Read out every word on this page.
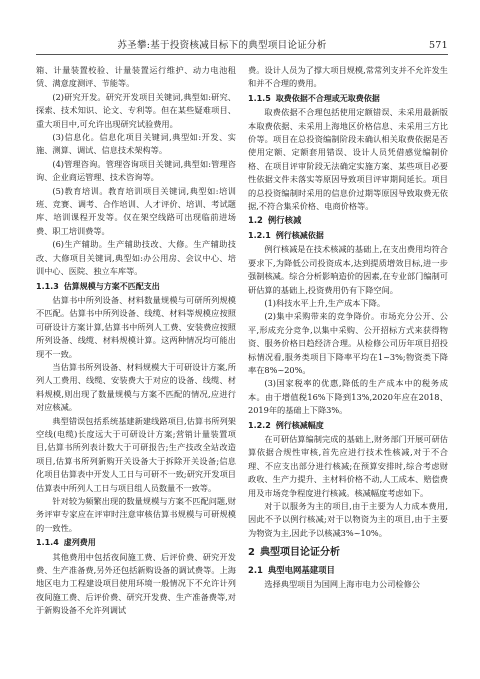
苏圣攀:基于投资核减目标下的典型项目论证分析	571

箱、计量装置校验、计量装置运行维护、动力电池租赁、满意度测评、节能等。

(2)研究开发。研究开发项目关键词,典型如:研究、探索、技术知识、论文、专利等。但在某些疑难项目、重大项目中,可允许出现研究试验费用。

(3)信息化。信息化项目关键词,典型如:开发、实施、测算、调试、信息技术架构等。

(4)管理咨询。管理咨询项目关键词,典型如:管理咨询、企业商运管理、技术咨询等。

(5)教育培训。教育培训项目关键词,典型如:培训班、竞赛、调考、合作培训、人才评价、培训、考试题库、培训课程开发等。仅在架空线路可出现临前进场费、职工培训费等。

(6)生产辅助。生产辅助技改、大修。生产辅助技改、大修项目关键词,典型如:办公用房、会议中心、培训中心、医院、独立车库等。

1.1.3 估算规模与方案不匹配支出

估算书中所列设备、材料数量规模与可研所列规模不匹配。估算书中所列设备、线缆、材料等规模应按照可研设计方案计算,估算书中所列人工费、安装费应按照所列设备、线缆、材料规模计算。这两种情况均可能出现不一致。

当估算书所列设备、材料规模大于可研设计方案,所列人工费用、线缆、安装费大于对应的设备、线缆、材料规模,则出现了数量规模与方案不匹配的情况,应进行对应核减。

典型错误包括系统基建新建线路项目,估算书所列架空线(电缆)长度远大于可研设计方案;营销计量装置项目,估算书所列表计数大于可研报告;生产技改全站改造项目,估算书所列新购开关设备大于拆除开关设备;信息化项目估算表中开发人工日与可研不一致;研究开发项目估算表中所列人工日与项目组人员数量不一致等。

针对较为频繁出现的数量规模与方案不匹配问题,财务评审专家应在评审时注意审核估算书规模与可研规模的一致性。

1.1.4 虚列费用

其他费用中包括夜间施工费、后评价费、研究开发费、生产准备费,另外还包括新购设备的调试费等。上海地区电力工程建设项目使用环境一般情况下不允许计列夜间施工费、后评价费、研究开发费、生产准备费等,对于新购设备不允许列调试

费。设计人员为了撑大项目规模,常常列支并不允许发生和并不合理的费用。

1.1.5 取费依据不合理或无取费依据

取费依据不合理包括使用定额错误、未采用最新版本取费依据、未采用上海地区价格信息、未采用三方比价等。项目在总投资编制阶段未确认相关取费依据是否使用定额、定额套用错误、设计人员凭借感觉编制价格、在项目评审阶段无法确定实施方案、某些项目必要性依据文件未落实等原因导致项目评审期间延长。项目的总投资编制时采用的信息价过期等原因导致取费无依据,不符合集采价格、电商价格等。

1.2 例行核减
1.2.1 例行核减依据

例行核减是在技术核减的基础上,在支出费用均符合要求下,为降低公司投资成本,达到提质增效目标,进一步强制核减。综合分析影响造价的因素,在专业部门编制可研估算的基础上,投资费用仍有下降空间。

(1)科技水平上升,生产成本下降。

(2)集中采购带来的竞争降价。市场充分公开、公平,形成充分竞争,以集中采购、公开招标方式来获得物资、服务价格日趋经济合理。从检修公司历年项目招投标情况看,服务类项目下降率平均在1~3%;物资类下降率在8%~20%。

(3)国家税率的优惠,降低的生产成本中的税务成本。由于增值税16%下降到13%,2020年应在2018、2019年的基础上下降3%。

1.2.2 例行核减幅度

在可研估算编制完成的基础上,财务部门开展可研估算依据合规性审核,首先应进行技术性核减,对于不合理、不应支出部分进行核减;在预算安排时,综合考虑财政收、生产力提升、主材料价格不动,人工成本、赔偿费用及市场竞争程度进行核减。核减幅度考虑如下。

对于以服务为主的项目,由于主要为人力成本费用,因此不予以例行核减;对于以物资为主的项目,由于主要为物资为主,因此予以核减3%~10%。

2 典型项目论证分析
2.1 典型电网基建项目

选择典型项目为国网上海市电力公司检修公
